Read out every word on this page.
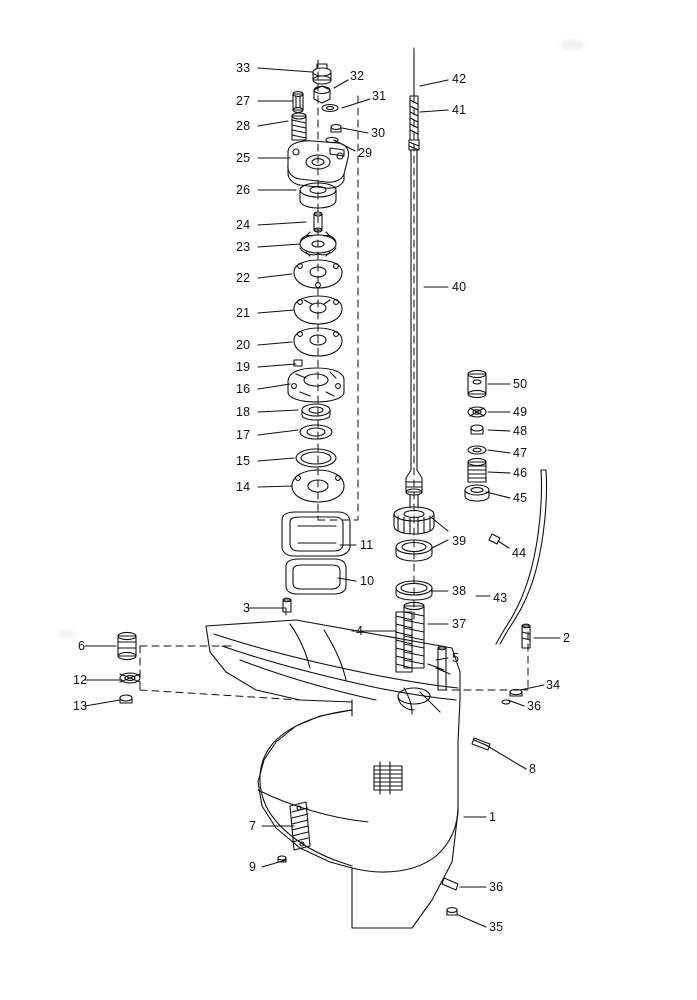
33
32	42
27	31
41
28	30
29
25
26
24
23
22
21
40
20
19
16
18
17
15
14
50
49
48
47
46
45
39
44
11
10
38 43
3
37
4	2
6
5
12	34
13	36
8
1
7
9
36
35
